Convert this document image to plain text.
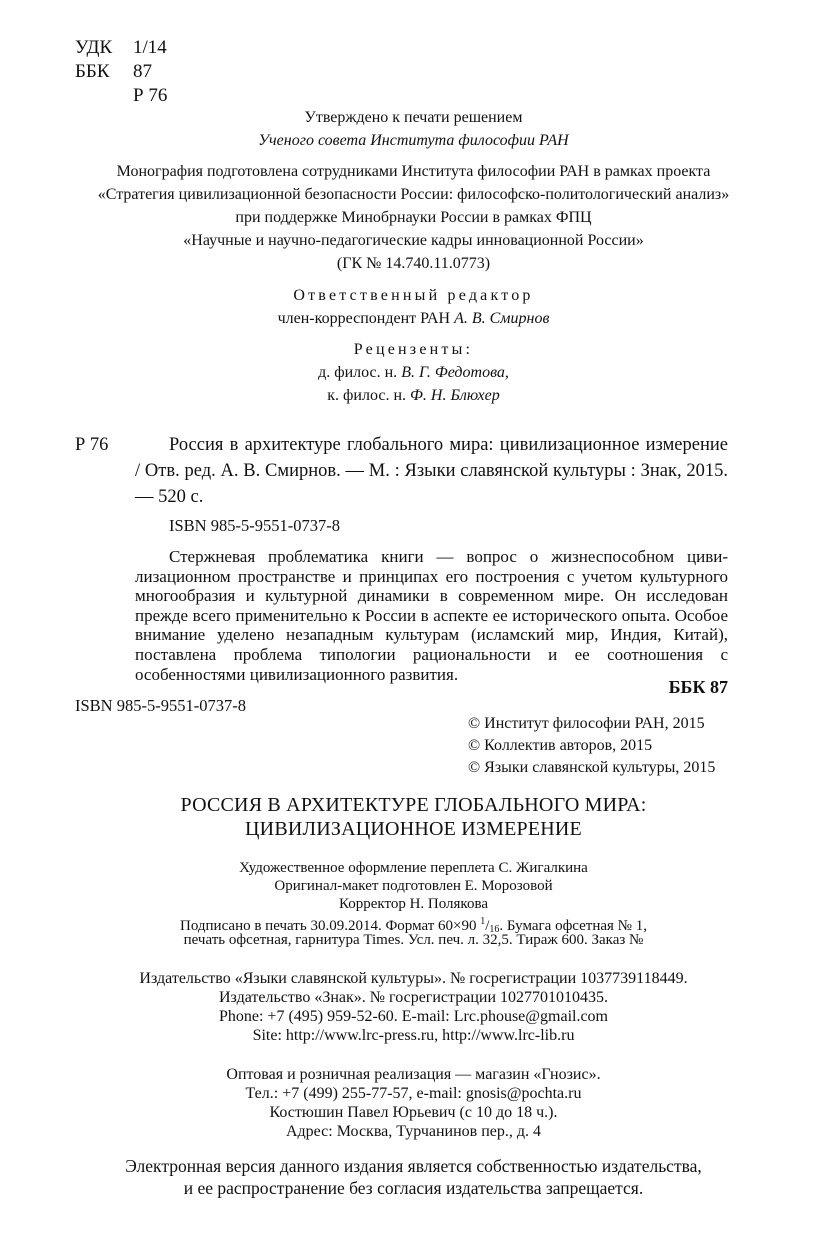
УДК 1/14
ББК 87
Р 76
Утверждено к печати решением
Ученого совета Института философии РАН
Монография подготовлена сотрудниками Института философии РАН в рамках проекта
«Стратегия цивилизационной безопасности России: философско-политологический анализ»
при поддержке Минобрнауки России в рамках ФПЦ
«Научные и научно-педагогические кадры инновационной России»
(ГК № 14.740.11.0773)
Ответственный редактор
член-корреспондент РАН А. В. Смирнов
Рецензенты:
д. филос. н. В. Г. Федотова,
к. филос. н. Ф. Н. Блюхер
Р 76	Россия в архитектуре глобального мира: цивилизационное измерение / Отв. ред. А. В. Смирнов. — М. : Языки славянской культуры : Знак, 2015. — 520 с.
ISBN 985-5-9551-0737-8
Стержневая проблематика книги — вопрос о жизнеспособном цивилизационном пространстве и принципах его построения с учетом культурного многообразия и культурной динамики в современном мире. Он исследован прежде всего применительно к России в аспекте ее исторического опыта. Особое внимание уделено незападным культурам (исламский мир, Индия, Китай), поставлена проблема типологии рациональности и ее соотношения с особенностями цивилизационного развития.
ББК 87
ISBN 985-5-9551-0737-8
© Институт философии РАН, 2015
© Коллектив авторов, 2015
© Языки славянской культуры, 2015
РОССИЯ В АРХИТЕКТУРЕ ГЛОБАЛЬНОГО МИРА:
ЦИВИЛИЗАЦИОННОЕ ИЗМЕРЕНИЕ
Художественное оформление переплета С. Жигалкина
Оригинал-макет подготовлен Е. Морозовой
Корректор Н. Полякова
Подписано в печать 30.09.2014. Формат 60×90 $^1/_{16}$. Бумага офсетная № 1,
печать офсетная, гарнитура Times. Усл. печ. л. 32,5. Тираж 600. Заказ №
Издательство «Языки славянской культуры». № госрегистрации 1037739118449.
Издательство «Знак». № госрегистрации 1027701010435.
Phone: +7 (495) 959-52-60. E-mail: Lrc.phouse@gmail.com
Site: http://www.lrc-press.ru, http://www.lrc-lib.ru
Оптовая и розничная реализация — магазин «Гнозис».
Тел.: +7 (499) 255-77-57, e-mail: gnosis@pochta.ru
Костюшин Павел Юрьевич (с 10 до 18 ч.).
Адрес: Москва, Турчанинов пер., д. 4
Электронная версия данного издания является собственностью издательства,
и ее распространение без согласия издательства запрещается.
